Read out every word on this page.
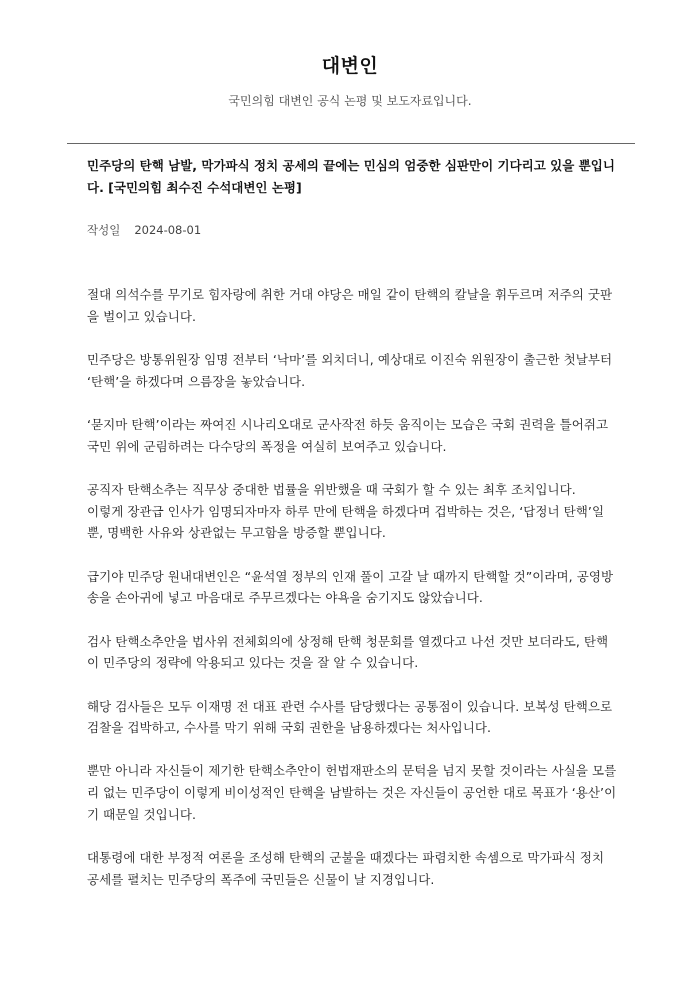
대변인
국민의힘 대변인 공식 논평 및 보도자료입니다.
민주당의 탄핵 남발, 막가파식 정치 공세의 끝에는 민심의 엄중한 심판만이 기다리고 있을 뿐입니다. [국민의힘 최수진 수석대변인 논평]
작성일 2024-08-01

절대 의석수를 무기로 힘자랑에 취한 거대 야당은 매일 같이 탄핵의 칼날을 휘두르며 저주의 굿판을 벌이고 있습니다.

민주당은 방통위원장 임명 전부터 ‘낙마’를 외치더니, 예상대로 이진숙 위원장이 출근한 첫날부터 ‘탄핵’을 하겠다며 으름장을 놓았습니다.

‘묻지마 탄핵’이라는 짜여진 시나리오대로 군사작전 하듯 움직이는 모습은 국회 권력을 틀어쥐고 국민 위에 군림하려는 다수당의 폭정을 여실히 보여주고 있습니다.

공직자 탄핵소추는 직무상 중대한 법률을 위반했을 때 국회가 할 수 있는 최후 조치입니다.
이렇게 장관급 인사가 임명되자마자 하루 만에 탄핵을 하겠다며 겁박하는 것은, ‘답정너 탄핵’일뿐, 명백한 사유와 상관없는 무고함을 방증할 뿐입니다.

급기야 민주당 원내대변인은 “윤석열 정부의 인재 풀이 고갈 날 때까지 탄핵할 것”이라며, 공영방송을 손아귀에 넣고 마음대로 주무르겠다는 야욕을 숨기지도 않았습니다.

검사 탄핵소추안을 법사위 전체회의에 상정해 탄핵 청문회를 열겠다고 나선 것만 보더라도, 탄핵이 민주당의 정략에 악용되고 있다는 것을 잘 알 수 있습니다.

해당 검사들은 모두 이재명 전 대표 관련 수사를 담당했다는 공통점이 있습니다. 보복성 탄핵으로 검찰을 겁박하고, 수사를 막기 위해 국회 권한을 남용하겠다는 처사입니다.

뿐만 아니라 자신들이 제기한 탄핵소추안이 헌법재판소의 문턱을 넘지 못할 것이라는 사실을 모를 리 없는 민주당이 이렇게 비이성적인 탄핵을 남발하는 것은 자신들이 공언한 대로 목표가 ‘용산’이기 때문일 것입니다.

대통령에 대한 부정적 여론을 조성해 탄핵의 군불을 때겠다는 파렴치한 속셈으로 막가파식 정치 공세를 펼치는 민주당의 폭주에 국민들은 신물이 날 지경입니다.
